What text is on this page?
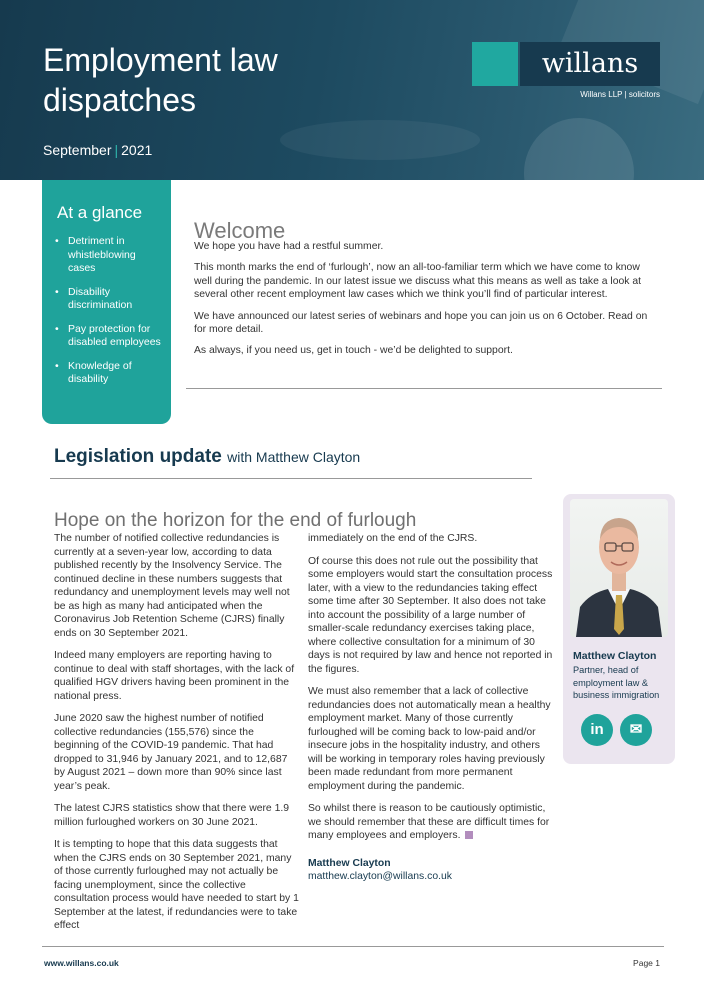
Employment law dispatches
September | 2021
willans
Willans LLP | solicitors
At a glance
• Detriment in whistleblowing cases
• Disability discrimination
• Pay protection for disabled employees
• Knowledge of disability
Welcome

We hope you have had a restful summer.

This month marks the end of ‘furlough’, now an all-too-familiar term which we have come to know well during the pandemic. In our latest issue we discuss what this means as well as take a look at several other recent employment law cases which we think you’ll find of particular interest.

We have announced our latest series of webinars and hope you can join us on 6 October. Read on for more detail.

As always, if you need us, get in touch - we’d be delighted to support.

Legislation update with Matthew Clayton
Hope on the horizon for the end of furlough

The number of notified collective redundancies is currently at a seven-year low, according to data published recently by the Insolvency Service. The continued decline in these numbers suggests that redundancy and unemployment levels may well not be as high as many had anticipated when the Coronavirus Job Retention Scheme (CJRS) finally ends on 30 September 2021.

Indeed many employers are reporting having to continue to deal with staff shortages, with the lack of qualified HGV drivers having been prominent in the national press.

June 2020 saw the highest number of notified collective redundancies (155,576) since the beginning of the COVID-19 pandemic. That had dropped to 31,946 by January 2021, and to 12,687 by August 2021 – down more than 90% since last year’s peak.

The latest CJRS statistics show that there were 1.9 million furloughed workers on 30 June 2021.

It is tempting to hope that this data suggests that when the CJRS ends on 30 September 2021, many of those currently furloughed may not actually be facing unemployment, since the collective consultation process would have needed to start by 1 September at the latest, if redundancies were to take effect

immediately on the end of the CJRS.

Of course this does not rule out the possibility that some employers would start the consultation process later, with a view to the redundancies taking effect some time after 30 September. It also does not take into account the possibility of a large number of smaller-scale redundancy exercises taking place, where collective consultation for a minimum of 30 days is not required by law and hence not reported in the figures.

We must also remember that a lack of collective redundancies does not automatically mean a healthy employment market. Many of those currently furloughed will be coming back to low-paid and/or insecure jobs in the hospitality industry, and others will be working in temporary roles having previously been made redundant from more permanent employment during the pandemic.

So whilst there is reason to be cautiously optimistic, we should remember that these are difficult times for many employees and employers.

Matthew Clayton
matthew.clayton@willans.co.uk
Matthew Clayton
Partner, head of employment law & business immigration
in	✉
www.willans.co.uk	Page 1
